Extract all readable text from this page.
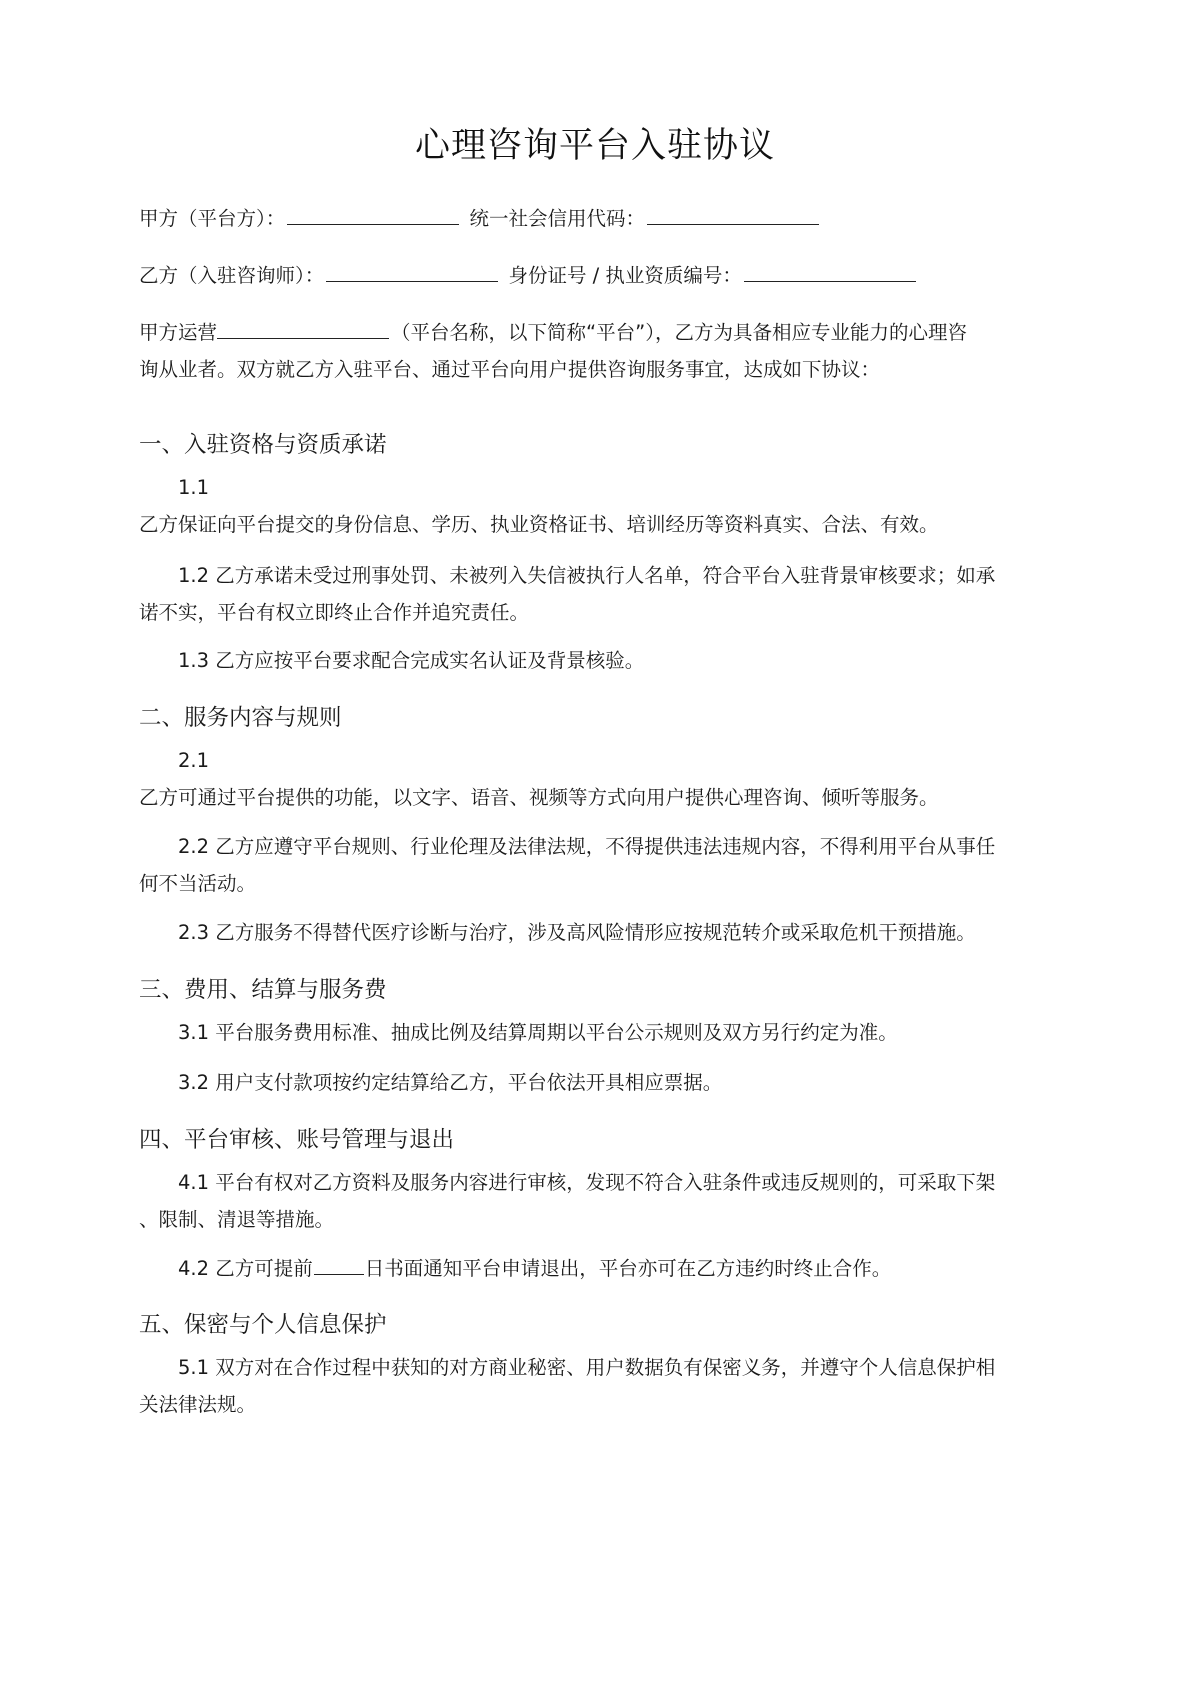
心理咨询平台入驻协议
甲方（平台方）：	统一社会信用代码：
乙方（入驻咨询师）：	身份证号 / 执业资质编号：
甲方运营	（平台名称，以下简称“平台”），乙方为具备相应专业能力的心理咨
询从业者。双方就乙方入驻平台、通过平台向用户提供咨询服务事宜，达成如下协议：
一、入驻资格与资质承诺
1.1
乙方保证向平台提交的身份信息、学历、执业资格证书、培训经历等资料真实、合法、有效。
1.2 乙方承诺未受过刑事处罚、未被列入失信被执行人名单，符合平台入驻背景审核要求；如承
诺不实，平台有权立即终止合作并追究责任。
1.3 乙方应按平台要求配合完成实名认证及背景核验。
二、服务内容与规则
2.1
乙方可通过平台提供的功能，以文字、语音、视频等方式向用户提供心理咨询、倾听等服务。
2.2 乙方应遵守平台规则、行业伦理及法律法规，不得提供违法违规内容，不得利用平台从事任
何不当活动。
2.3 乙方服务不得替代医疗诊断与治疗，涉及高风险情形应按规范转介或采取危机干预措施。
三、费用、结算与服务费
3.1 平台服务费用标准、抽成比例及结算周期以平台公示规则及双方另行约定为准。
3.2 用户支付款项按约定结算给乙方，平台依法开具相应票据。
四、平台审核、账号管理与退出
4.1 平台有权对乙方资料及服务内容进行审核，发现不符合入驻条件或违反规则的，可采取下架
、限制、清退等措施。
4.2 乙方可提前	日书面通知平台申请退出，平台亦可在乙方违约时终止合作。
五、保密与个人信息保护
5.1 双方对在合作过程中获知的对方商业秘密、用户数据负有保密义务，并遵守个人信息保护相
关法律法规。
